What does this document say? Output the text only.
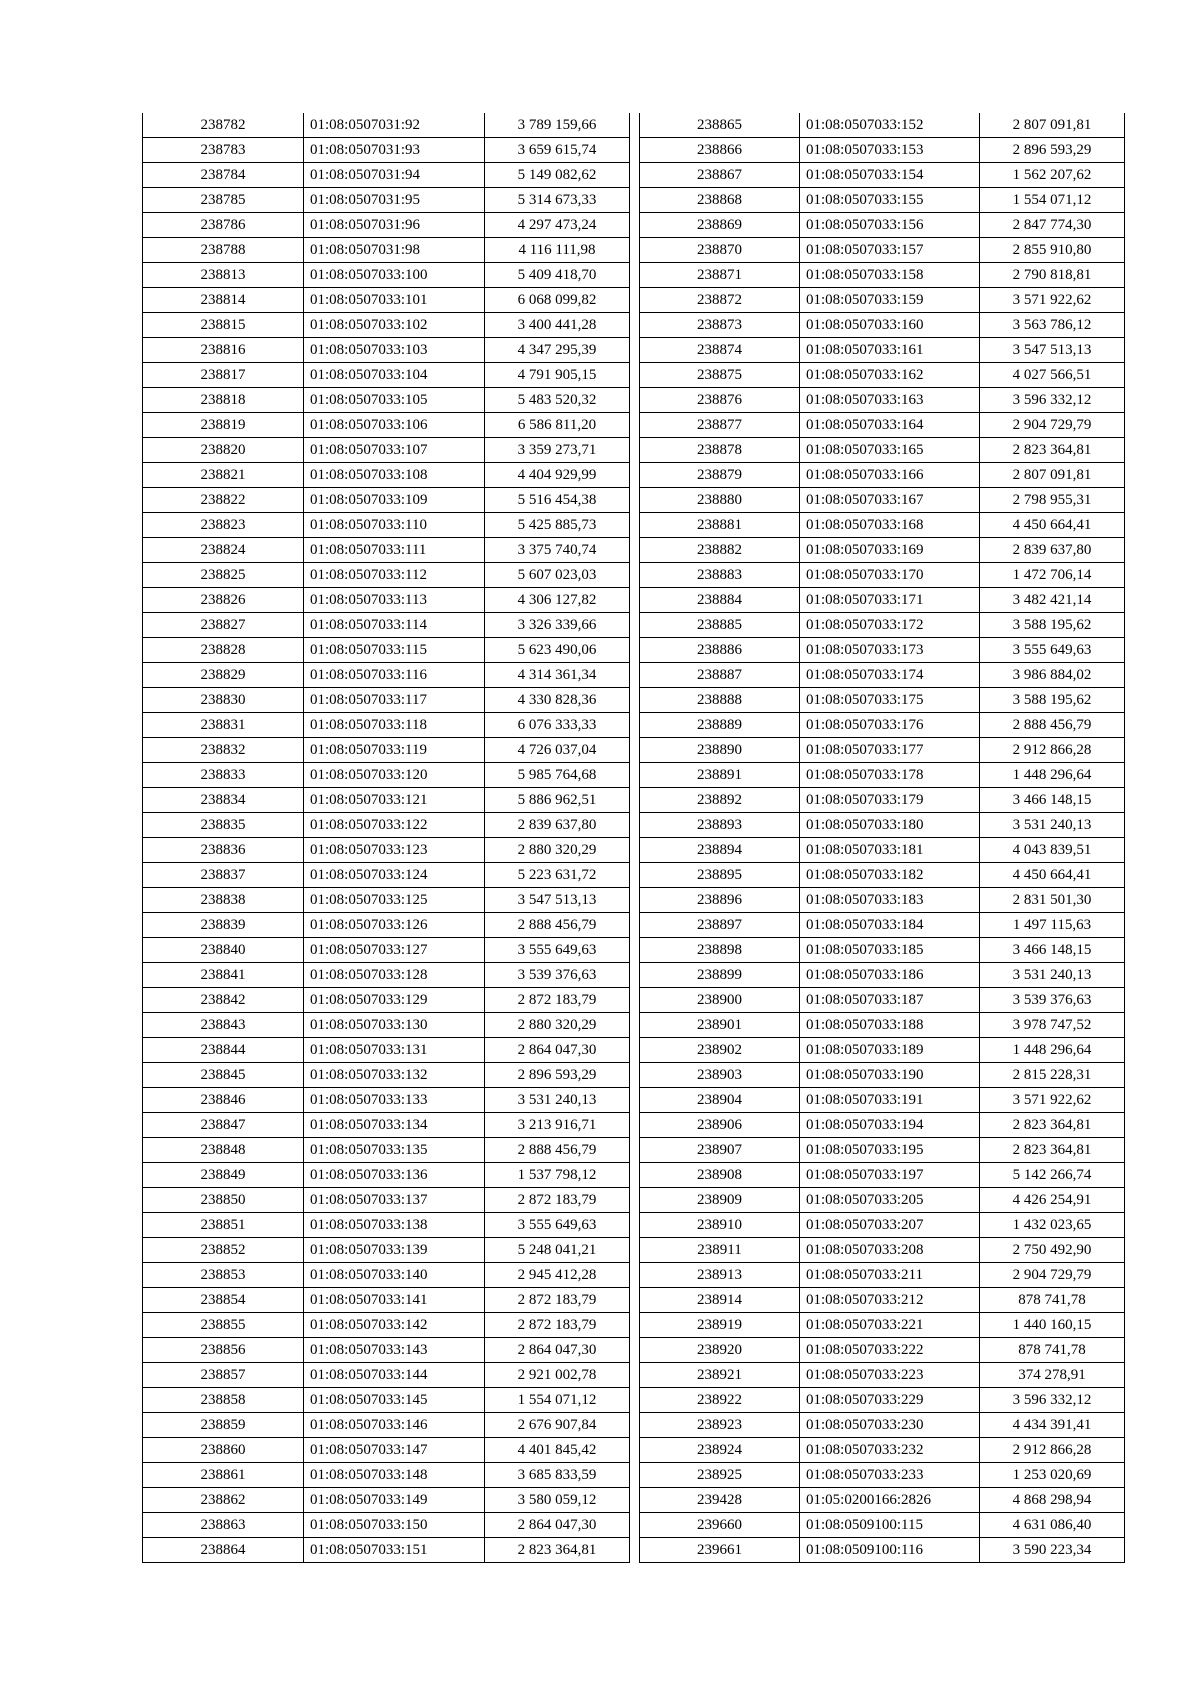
238782	01:08:0507031:92	3 789 159,66
238783	01:08:0507031:93	3 659 615,74
238784	01:08:0507031:94	5 149 082,62
238785	01:08:0507031:95	5 314 673,33
238786	01:08:0507031:96	4 297 473,24
238788	01:08:0507031:98	4 116 111,98
238813	01:08:0507033:100	5 409 418,70
238814	01:08:0507033:101	6 068 099,82
238815	01:08:0507033:102	3 400 441,28
238816	01:08:0507033:103	4 347 295,39
238817	01:08:0507033:104	4 791 905,15
238818	01:08:0507033:105	5 483 520,32
238819	01:08:0507033:106	6 586 811,20
238820	01:08:0507033:107	3 359 273,71
238821	01:08:0507033:108	4 404 929,99
238822	01:08:0507033:109	5 516 454,38
238823	01:08:0507033:110	5 425 885,73
238824	01:08:0507033:111	3 375 740,74
238825	01:08:0507033:112	5 607 023,03
238826	01:08:0507033:113	4 306 127,82
238827	01:08:0507033:114	3 326 339,66
238828	01:08:0507033:115	5 623 490,06
238829	01:08:0507033:116	4 314 361,34
238830	01:08:0507033:117	4 330 828,36
238831	01:08:0507033:118	6 076 333,33
238832	01:08:0507033:119	4 726 037,04
238833	01:08:0507033:120	5 985 764,68
238834	01:08:0507033:121	5 886 962,51
238835	01:08:0507033:122	2 839 637,80
238836	01:08:0507033:123	2 880 320,29
238837	01:08:0507033:124	5 223 631,72
238838	01:08:0507033:125	3 547 513,13
238839	01:08:0507033:126	2 888 456,79
238840	01:08:0507033:127	3 555 649,63
238841	01:08:0507033:128	3 539 376,63
238842	01:08:0507033:129	2 872 183,79
238843	01:08:0507033:130	2 880 320,29
238844	01:08:0507033:131	2 864 047,30
238845	01:08:0507033:132	2 896 593,29
238846	01:08:0507033:133	3 531 240,13
238847	01:08:0507033:134	3 213 916,71
238848	01:08:0507033:135	2 888 456,79
238849	01:08:0507033:136	1 537 798,12
238850	01:08:0507033:137	2 872 183,79
238851	01:08:0507033:138	3 555 649,63
238852	01:08:0507033:139	5 248 041,21
238853	01:08:0507033:140	2 945 412,28
238854	01:08:0507033:141	2 872 183,79
238855	01:08:0507033:142	2 872 183,79
238856	01:08:0507033:143	2 864 047,30
238857	01:08:0507033:144	2 921 002,78
238858	01:08:0507033:145	1 554 071,12
238859	01:08:0507033:146	2 676 907,84
238860	01:08:0507033:147	4 401 845,42
238861	01:08:0507033:148	3 685 833,59
238862	01:08:0507033:149	3 580 059,12
238863	01:08:0507033:150	2 864 047,30
238864	01:08:0507033:151	2 823 364,81
238865	01:08:0507033:152	2 807 091,81
238866	01:08:0507033:153	2 896 593,29
238867	01:08:0507033:154	1 562 207,62
238868	01:08:0507033:155	1 554 071,12
238869	01:08:0507033:156	2 847 774,30
238870	01:08:0507033:157	2 855 910,80
238871	01:08:0507033:158	2 790 818,81
238872	01:08:0507033:159	3 571 922,62
238873	01:08:0507033:160	3 563 786,12
238874	01:08:0507033:161	3 547 513,13
238875	01:08:0507033:162	4 027 566,51
238876	01:08:0507033:163	3 596 332,12
238877	01:08:0507033:164	2 904 729,79
238878	01:08:0507033:165	2 823 364,81
238879	01:08:0507033:166	2 807 091,81
238880	01:08:0507033:167	2 798 955,31
238881	01:08:0507033:168	4 450 664,41
238882	01:08:0507033:169	2 839 637,80
238883	01:08:0507033:170	1 472 706,14
238884	01:08:0507033:171	3 482 421,14
238885	01:08:0507033:172	3 588 195,62
238886	01:08:0507033:173	3 555 649,63
238887	01:08:0507033:174	3 986 884,02
238888	01:08:0507033:175	3 588 195,62
238889	01:08:0507033:176	2 888 456,79
238890	01:08:0507033:177	2 912 866,28
238891	01:08:0507033:178	1 448 296,64
238892	01:08:0507033:179	3 466 148,15
238893	01:08:0507033:180	3 531 240,13
238894	01:08:0507033:181	4 043 839,51
238895	01:08:0507033:182	4 450 664,41
238896	01:08:0507033:183	2 831 501,30
238897	01:08:0507033:184	1 497 115,63
238898	01:08:0507033:185	3 466 148,15
238899	01:08:0507033:186	3 531 240,13
238900	01:08:0507033:187	3 539 376,63
238901	01:08:0507033:188	3 978 747,52
238902	01:08:0507033:189	1 448 296,64
238903	01:08:0507033:190	2 815 228,31
238904	01:08:0507033:191	3 571 922,62
238906	01:08:0507033:194	2 823 364,81
238907	01:08:0507033:195	2 823 364,81
238908	01:08:0507033:197	5 142 266,74
238909	01:08:0507033:205	4 426 254,91
238910	01:08:0507033:207	1 432 023,65
238911	01:08:0507033:208	2 750 492,90
238913	01:08:0507033:211	2 904 729,79
238914	01:08:0507033:212	878 741,78
238919	01:08:0507033:221	1 440 160,15
238920	01:08:0507033:222	878 741,78
238921	01:08:0507033:223	374 278,91
238922	01:08:0507033:229	3 596 332,12
238923	01:08:0507033:230	4 434 391,41
238924	01:08:0507033:232	2 912 866,28
238925	01:08:0507033:233	1 253 020,69
239428	01:05:0200166:2826	4 868 298,94
239660	01:08:0509100:115	4 631 086,40
239661	01:08:0509100:116	3 590 223,34
